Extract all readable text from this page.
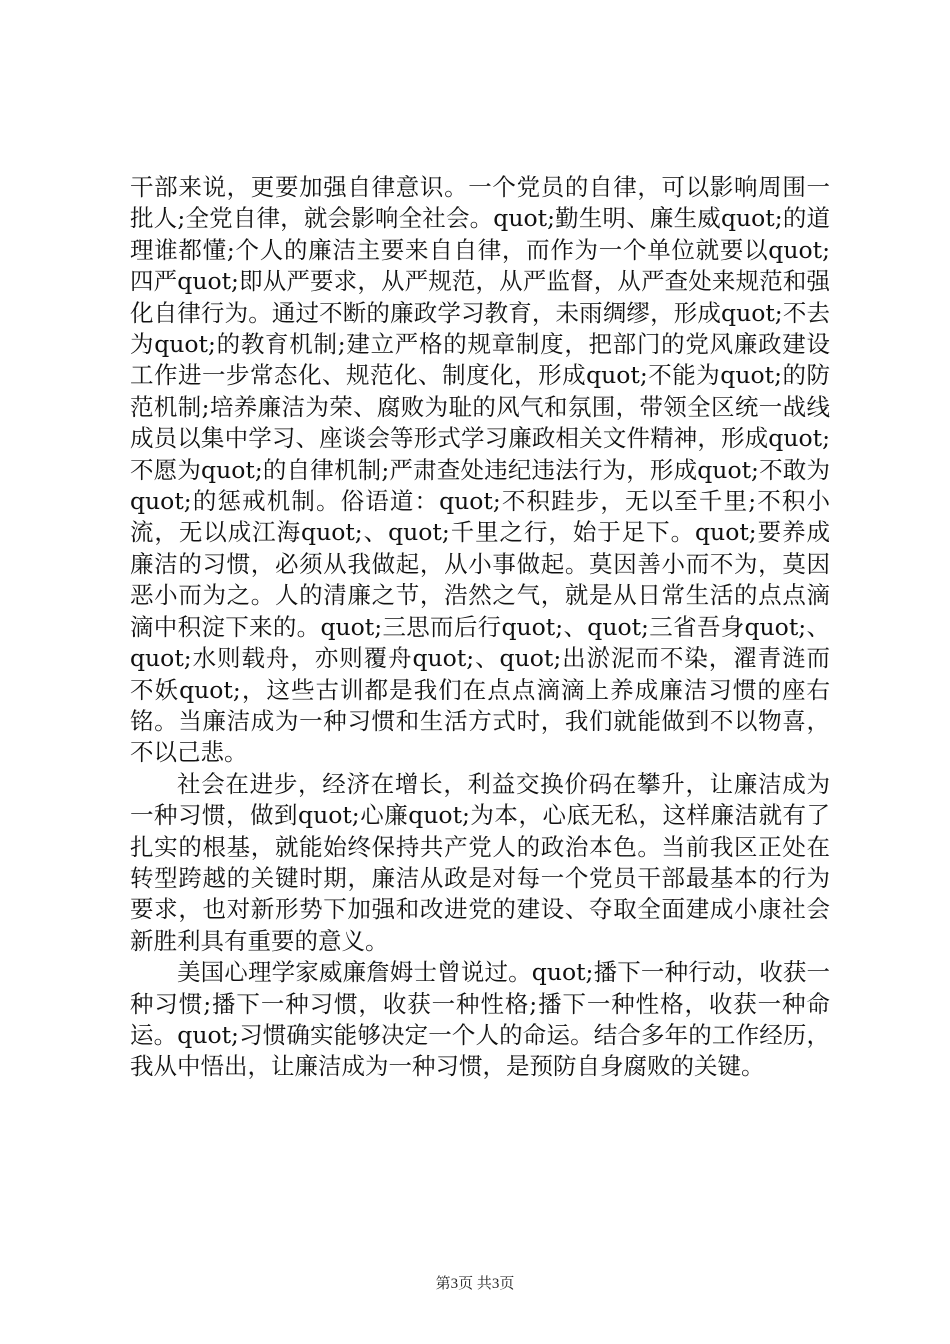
干部来说，更要加强自律意识。一个党员的自律，可以影响周围一批人;全党自律，就会影响全社会。quot;勤生明、廉生威quot;的道理谁都懂;个人的廉洁主要来自自律，而作为一个单位就要以quot;四严quot;即从严要求，从严规范，从严监督，从严查处来规范和强化自律行为。通过不断的廉政学习教育，未雨绸缪，形成quot;不去为quot;的教育机制;建立严格的规章制度，把部门的党风廉政建设工作进一步常态化、规范化、制度化，形成quot;不能为quot;的防范机制;培养廉洁为荣、腐败为耻的风气和氛围，带领全区统一战线成员以集中学习、座谈会等形式学习廉政相关文件精神，形成quot;不愿为quot;的自律机制;严肃查处违纪违法行为，形成quot;不敢为quot;的惩戒机制。俗语道：quot;不积跬步，无以至千里;不积小流，无以成江海quot;、quot;千里之行，始于足下。quot;要养成廉洁的习惯，必须从我做起，从小事做起。莫因善小而不为，莫因恶小而为之。人的清廉之节，浩然之气，就是从日常生活的点点滴滴中积淀下来的。quot;三思而后行quot;、quot;三省吾身quot;、quot;水则载舟，亦则覆舟quot;、quot;出淤泥而不染，濯青涟而不妖quot;，这些古训都是我们在点点滴滴上养成廉洁习惯的座右铭。当廉洁成为一种习惯和生活方式时，我们就能做到不以物喜，不以己悲。

社会在进步，经济在增长，利益交换价码在攀升，让廉洁成为一种习惯，做到quot;心廉quot;为本，心底无私，这样廉洁就有了扎实的根基，就能始终保持共产党人的政治本色。当前我区正处在转型跨越的关键时期，廉洁从政是对每一个党员干部最基本的行为要求，也对新形势下加强和改进党的建设、夺取全面建成小康社会新胜利具有重要的意义。

美国心理学家威廉詹姆士曾说过。quot;播下一种行动，收获一种习惯;播下一种习惯，收获一种性格;播下一种性格，收获一种命运。quot;习惯确实能够决定一个人的命运。结合多年的工作经历，我从中悟出，让廉洁成为一种习惯，是预防自身腐败的关键。

第3页 共3页
